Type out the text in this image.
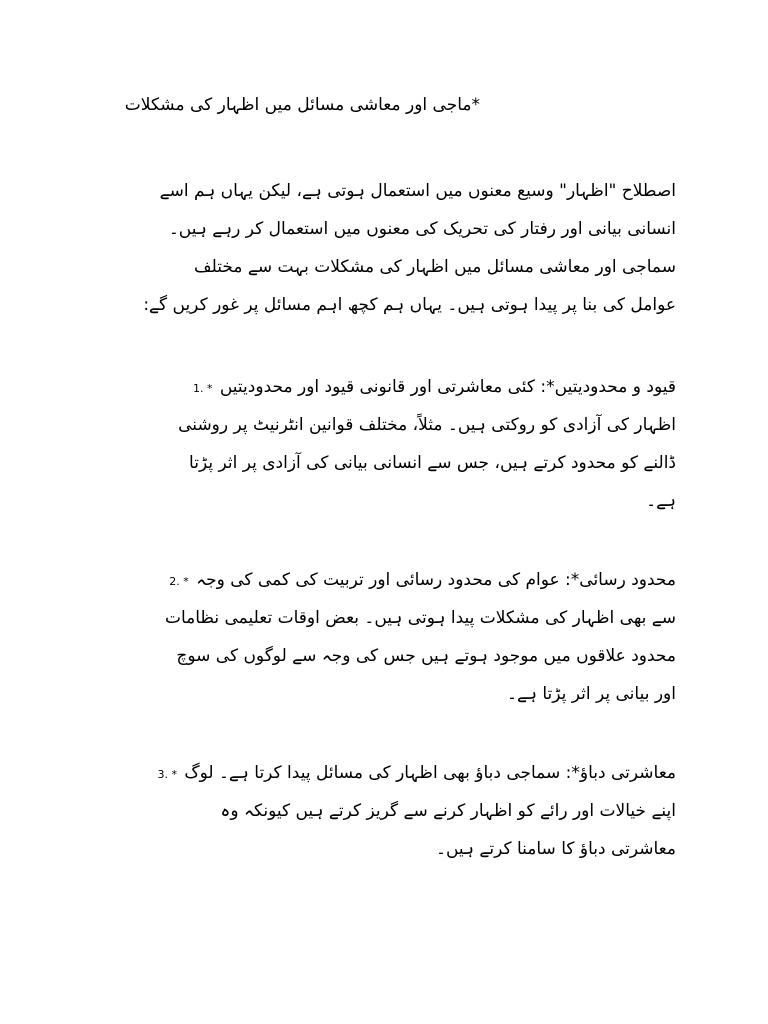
*ماجی اور معاشی مسائل میں اظہار کی مشکلات
اصطلاح "اظہار" وسیع معنوں میں استعمال ہوتی ہے، لیکن یہاں ہم اسے
انسانی بیانی اور رفتار کی تحریک کی معنوں میں استعمال کر رہے ہیں۔
سماجی اور معاشی مسائل میں اظہار کی مشکلات بہت سے مختلف
عوامل کی بنا پر پیدا ہوتی ہیں۔ یہاں ہم کچھ اہم مسائل پر غور کریں گے:
قیود و محدودیتیں*: کئی معاشرتی اور قانونی قیود اور محدودیتیں 1. *
اظہار کی آزادی کو روکتی ہیں۔ مثلاً، مختلف قوانین انٹرنیٹ پر روشنی
ڈالنے کو محدود کرتے ہیں، جس سے انسانی بیانی کی آزادی پر اثر پڑتا
ہے۔
محدود رسائی*: عوام کی محدود رسائی اور تربیت کی کمی کی وجہ 2. *
سے بھی اظہار کی مشکلات پیدا ہوتی ہیں۔ بعض اوقات تعلیمی نظامات
محدود علاقوں میں موجود ہوتے ہیں جس کی وجہ سے لوگوں کی سوچ
اور بیانی پر اثر پڑتا ہے۔
معاشرتی دباؤ*: سماجی دباؤ بھی اظہار کی مسائل پیدا کرتا ہے۔ لوگ 3. *
اپنے خیالات اور رائے کو اظہار کرنے سے گریز کرتے ہیں کیونکہ وہ
معاشرتی دباؤ کا سامنا کرتے ہیں۔
